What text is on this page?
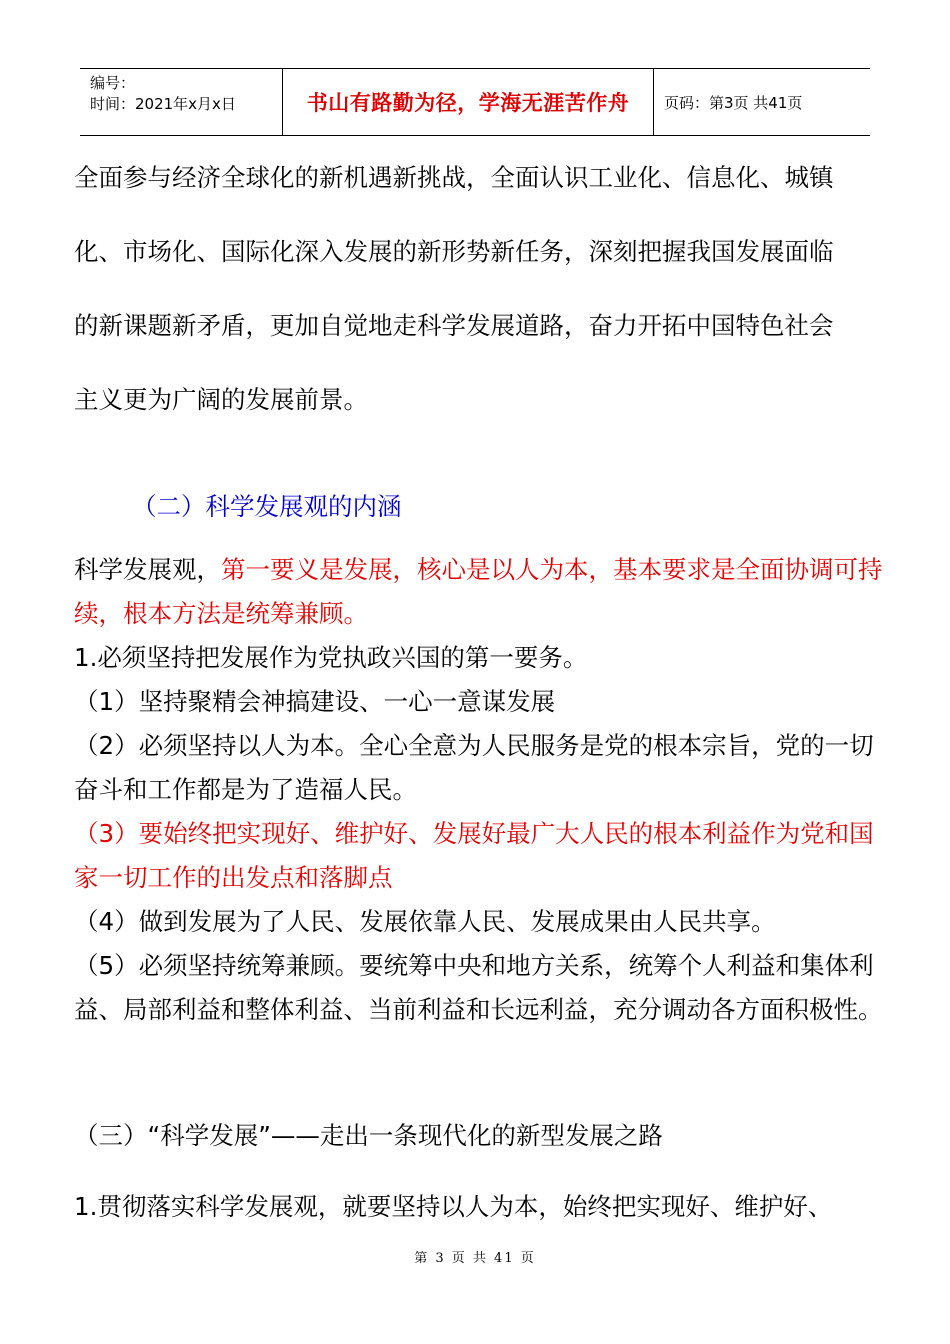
编号：
时间：2021年x月x日	书山有路勤为径，学海无涯苦作舟	页码：第3页 共41页

全面参与经济全球化的新机遇新挑战，全面认识工业化、信息化、城镇

化、市场化、国际化深入发展的新形势新任务，深刻把握我国发展面临

的新课题新矛盾，更加自觉地走科学发展道路，奋力开拓中国特色社会

主义更为广阔的发展前景。

（二）科学发展观的内涵

科学发展观，第一要义是发展，核心是以人为本，基本要求是全面协调可持续，根本方法是统筹兼顾。

1.必须坚持把发展作为党执政兴国的第一要务。

（1）坚持聚精会神搞建设、一心一意谋发展

（2）必须坚持以人为本。全心全意为人民服务是党的根本宗旨，党的一切奋斗和工作都是为了造福人民。

（3）要始终把实现好、维护好、发展好最广大人民的根本利益作为党和国家一切工作的出发点和落脚点

（4）做到发展为了人民、发展依靠人民、发展成果由人民共享。

（5）必须坚持统筹兼顾。要统筹中央和地方关系，统筹个人利益和集体利益、局部利益和整体利益、当前利益和长远利益，充分调动各方面积极性。

（三）“科学发展”——走出一条现代化的新型发展之路
1.贯彻落实科学发展观，就要坚持以人为本，始终把实现好、维护好、
第 3 页 共 41 页
